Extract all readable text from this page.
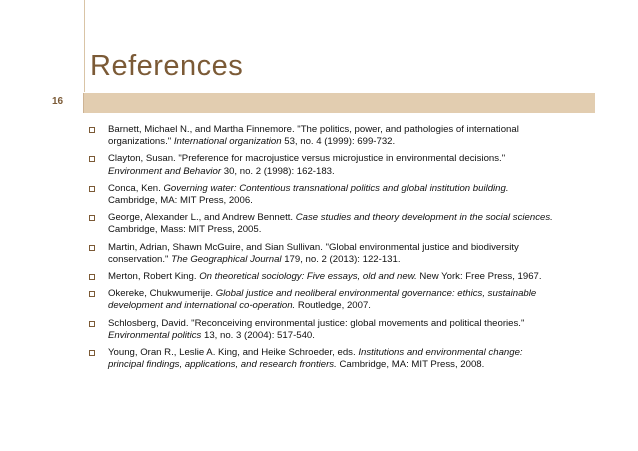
References
16
Barnett, Michael N., and Martha Finnemore. "The politics, power, and pathologies of international organizations." International organization 53, no. 4 (1999): 699-732.
Clayton, Susan. "Preference for macrojustice versus microjustice in environmental decisions." Environment and Behavior 30, no. 2 (1998): 162-183.
Conca, Ken. Governing water: Contentious transnational politics and global institution building. Cambridge, MA: MIT Press, 2006.
George, Alexander L., and Andrew Bennett. Case studies and theory development in the social sciences. Cambridge, Mass: MIT Press, 2005.
Martin, Adrian, Shawn McGuire, and Sian Sullivan. "Global environmental justice and biodiversity conservation." The Geographical Journal 179, no. 2 (2013): 122-131.
Merton, Robert King. On theoretical sociology: Five essays, old and new. New York: Free Press, 1967.
Okereke, Chukwumerije. Global justice and neoliberal environmental governance: ethics, sustainable development and international co-operation. Routledge, 2007.
Schlosberg, David. "Reconceiving environmental justice: global movements and political theories." Environmental politics 13, no. 3 (2004): 517-540.
Young, Oran R., Leslie A. King, and Heike Schroeder, eds. Institutions and environmental change: principal findings, applications, and research frontiers. Cambridge, MA: MIT Press, 2008.
